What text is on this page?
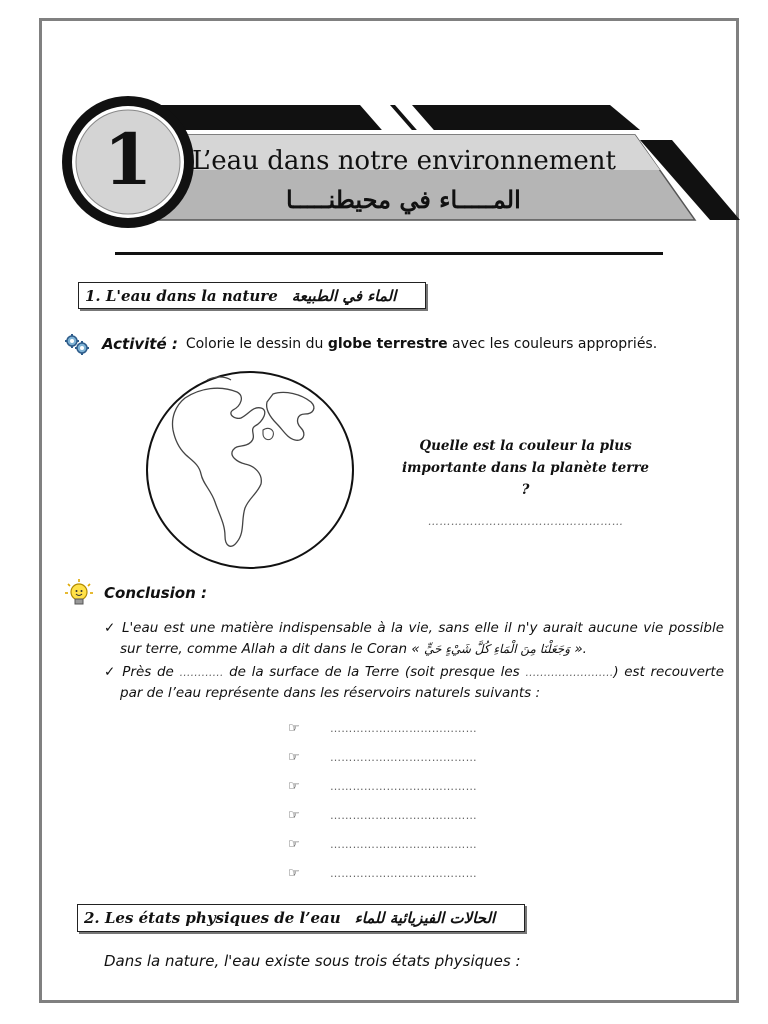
1	L’eau dans notre environnement
المـــــاء في محيطنـــــا
1. L'eau dans la nature الماء في الطبيعة
Activité : Colorie le dessin du globe terrestre avec les couleurs appropriés.
Quelle est la couleur la plus
importante dans la planète terre ?
……………………………………………
Conclusion :

✓ L'eau est une matière indispensable à la vie, sans elle il n'y aurait aucune vie possible sur terre, comme Allah a dit dans le Coran « وَجَعَلْنَا مِنَ الْمَاءِ كُلَّ شَيْءٍ حَيٍّ ».

✓ Près de ………… de la surface de la Terre (soit presque les ……………………) est recouverte par de l’eau représente dans les réservoirs naturels suivants :

☞	…………………………………
☞	…………………………………
☞	…………………………………
☞	…………………………………
☞	…………………………………
☞	…………………………………
2. Les états physiques de l’eau الحالات الفيزيائية للماء
Dans la nature, l'eau existe sous trois états physiques :
